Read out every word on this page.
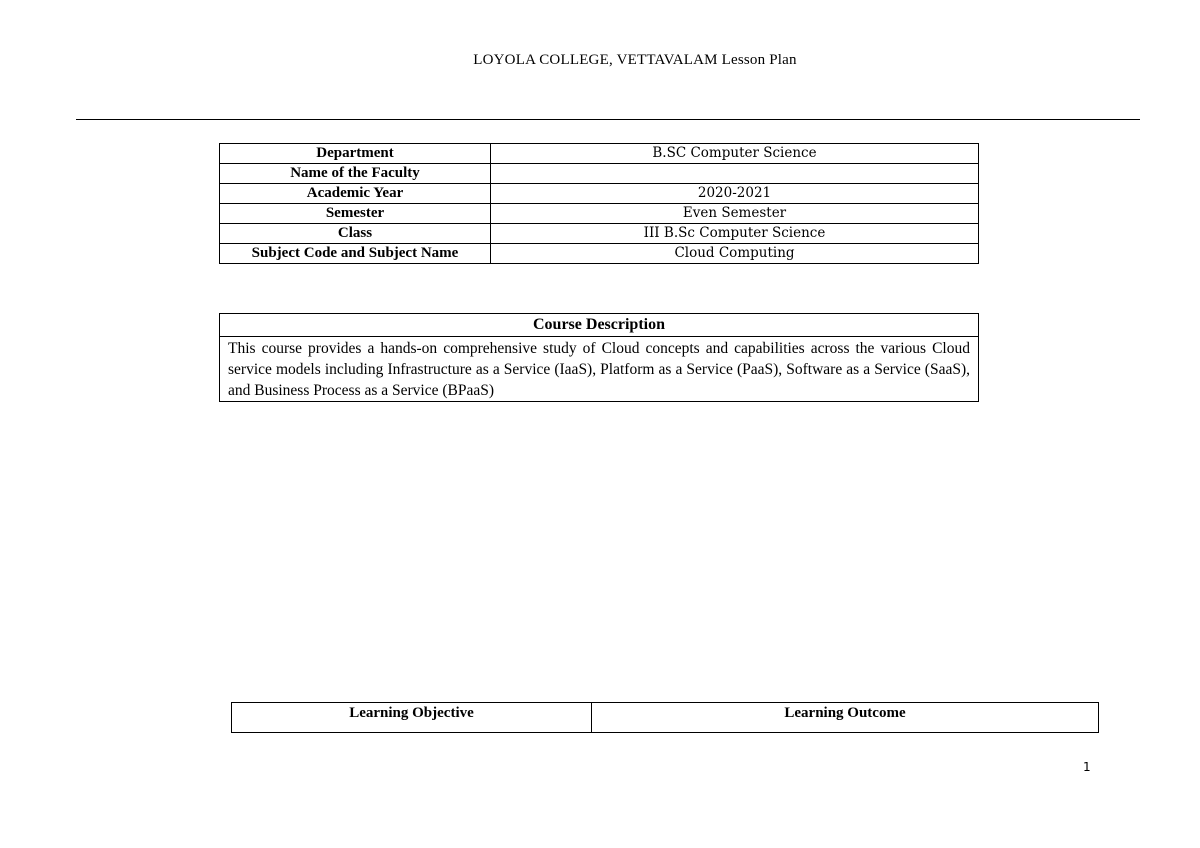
LOYOLA COLLEGE, VETTAVALAM Lesson Plan
Department	B.SC Computer Science
Name of the Faculty	
Academic Year	2020-2021
Semester	Even Semester
Class	III B.Sc Computer Science
Subject Code and Subject Name	Cloud Computing
Course Description
This course provides a hands-on comprehensive study of Cloud concepts and capabilities across the various Cloud service models including Infrastructure as a Service (IaaS), Platform as a Service (PaaS), Software as a Service (SaaS), and Business Process as a Service (BPaaS)
Learning Objective	Learning Outcome
1
